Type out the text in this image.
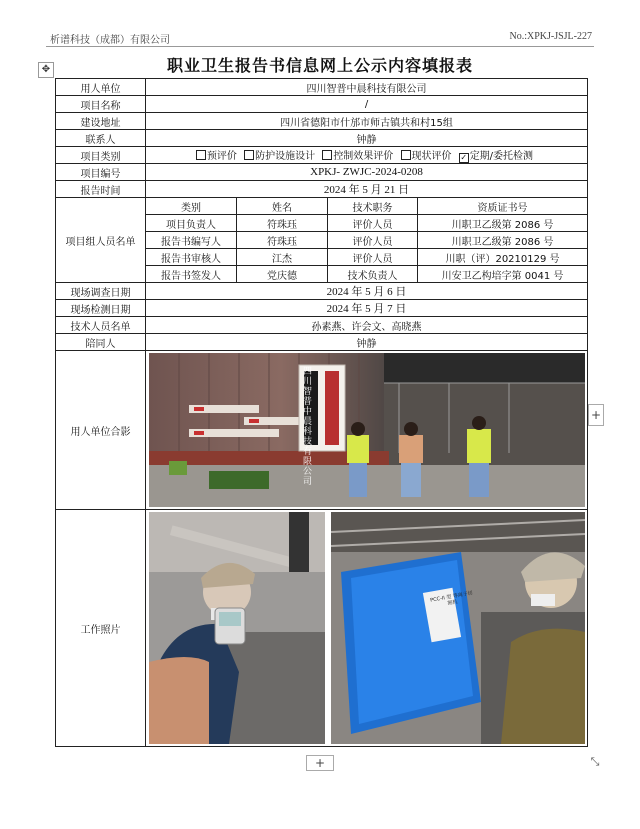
析谱科技（成都）有限公司	No.:XPKJ-JSJL-227
✥	职业卫生报告书信息网上公示内容填报表
用人单位	四川智普中晨科技有限公司			
项目名称	/			
建设地址	四川省德阳市什邡市师古镇共和村15组			
联系人	钟静			
项目类别	预评价 防护设施设计 控制效果评价 现状评价 ✓ 定期/委托检测			
项目编号	XPKJ- ZWJC-2024-0208			
报告时间	2024 年 5 月 21 日			
项目组人员名单	类别	姓名	技术职务	资质证书号
	项目负责人	符珠珏	评价人员	川职卫乙级第 2086 号
	报告书编写人	符珠珏	评价人员	川职卫乙级第 2086 号
	报告书审核人	江杰	评价人员	川职（评）20210129 号
	报告书签发人	党庆德	技术负责人	川安卫乙构培字第 0041 号
现场调查日期	2024 年 5 月 6 日			
现场检测日期	2024 年 5 月 7 日			
技术人员名单	孙素燕、许会文、高晓燕			
陪同人	钟静			
用人单位合影	四川智普中晨科技有限公司			

工作照片	PCC-II 型 等离子切割机			
+
+	⤡
